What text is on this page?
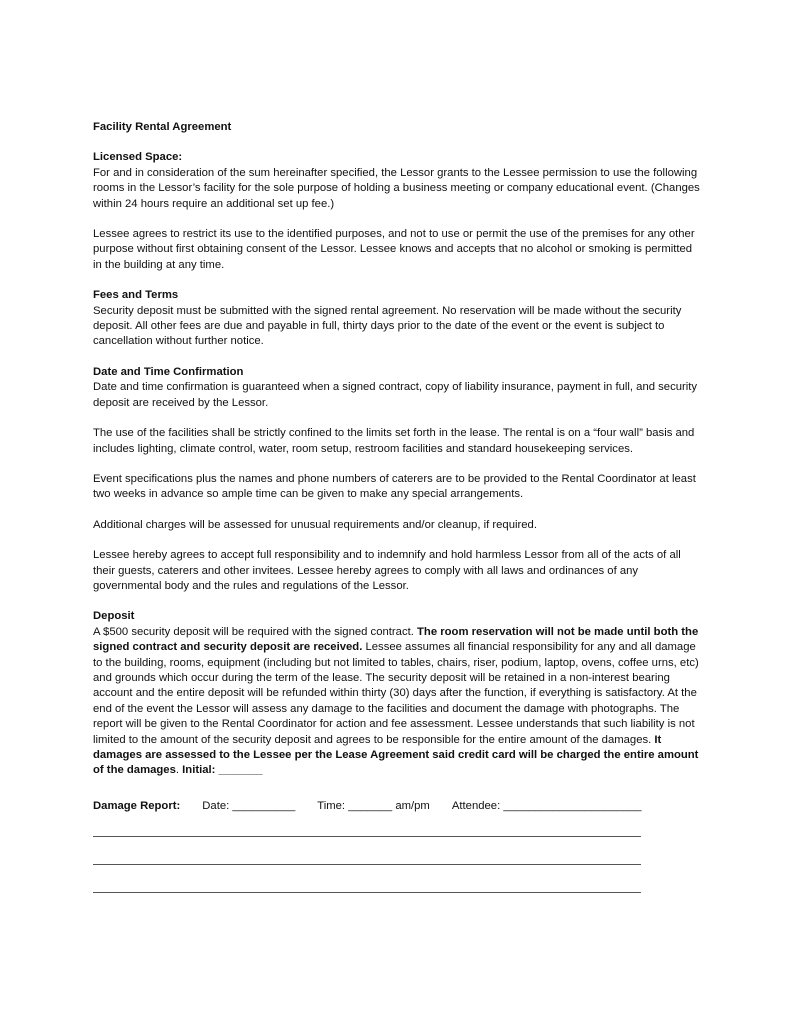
Facility Rental Agreement

Licensed Space:

For and in consideration of the sum hereinafter specified, the Lessor grants to the Lessee permission to use the following rooms in the Lessor’s facility for the sole purpose of holding a business meeting or company educational event. (Changes within 24 hours require an additional set up fee.)

Lessee agrees to restrict its use to the identified purposes, and not to use or permit the use of the premises for any other purpose without first obtaining consent of the Lessor. Lessee knows and accepts that no alcohol or smoking is permitted in the building at any time.

Fees and Terms

Security deposit must be submitted with the signed rental agreement. No reservation will be made without the security deposit. All other fees are due and payable in full, thirty days prior to the date of the event or the event is subject to cancellation without further notice.

Date and Time Confirmation

Date and time confirmation is guaranteed when a signed contract, copy of liability insurance, payment in full, and security deposit are received by the Lessor.

The use of the facilities shall be strictly confined to the limits set forth in the lease. The rental is on a “four wall” basis and includes lighting, climate control, water, room setup, restroom facilities and standard housekeeping services.

Event specifications plus the names and phone numbers of caterers are to be provided to the Rental Coordinator at least two weeks in advance so ample time can be given to make any special arrangements.

Additional charges will be assessed for unusual requirements and/or cleanup, if required.

Lessee hereby agrees to accept full responsibility and to indemnify and hold harmless Lessor from all of the acts of all their guests, caterers and other invitees. Lessee hereby agrees to comply with all laws and ordinances of any governmental body and the rules and regulations of the Lessor.

Deposit

A $500 security deposit will be required with the signed contract. The room reservation will not be made until both the signed contract and security deposit are received. Lessee assumes all financial responsibility for any and all damage to the building, rooms, equipment (including but not limited to tables, chairs, riser, podium, laptop, ovens, coffee urns, etc) and grounds which occur during the term of the lease. The security deposit will be retained in a non-interest bearing account and the entire deposit will be refunded within thirty (30) days after the function, if everything is satisfactory. At the end of the event the Lessor will assess any damage to the facilities and document the damage with photographs. The report will be given to the Rental Coordinator for action and fee assessment. Lessee understands that such liability is not limited to the amount of the security deposit and agrees to be responsible for the entire amount of the damages. It damages are assessed to the Lessee per the Lease Agreement said credit card will be charged the entire amount of the damages. Initial: _______

Damage Report: Date: __________ Time: _______ am/pm Attendee: ______________________
